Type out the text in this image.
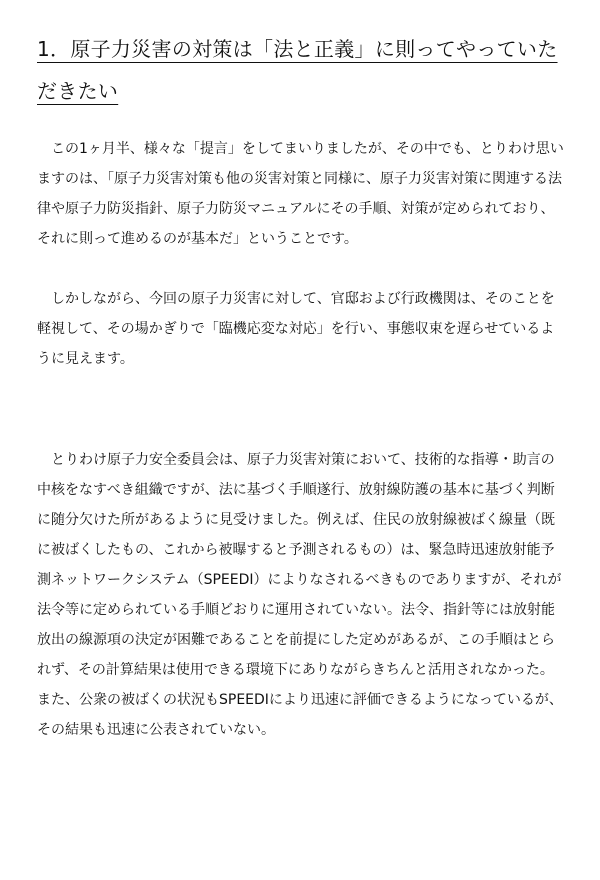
1．原子力災害の対策は「法と正義」に則ってやっていただきたい

この1ヶ月半、様々な「提言」をしてまいりましたが、その中でも、とりわけ思いますのは、「原子力災害対策も他の災害対策と同様に、原子力災害対策に関連する法律や原子力防災指針、原子力防災マニュアルにその手順、対策が定められており、それに則って進めるのが基本だ」ということです。

しかしながら、今回の原子力災害に対して、官邸および行政機関は、そのことを軽視して、その場かぎりで「臨機応変な対応」を行い、事態収束を遅らせているように見えます。

とりわけ原子力安全委員会は、原子力災害対策において、技術的な指導・助言の中核をなすべき組織ですが、法に基づく手順遂行、放射線防護の基本に基づく判断に随分欠けた所があるように見受けました。例えば、住民の放射線被ばく線量（既に被ばくしたもの、これから被曝すると予測されるもの）は、緊急時迅速放射能予測ネットワークシステム（SPEEDI）によりなされるべきものでありますが、それが法令等に定められている手順どおりに運用されていない。法令、指針等には放射能放出の線源項の決定が困難であることを前提にした定めがあるが、この手順はとられず、その計算結果は使用できる環境下にありながらきちんと活用されなかった。また、公衆の被ばくの状況もSPEEDIにより迅速に評価できるようになっているが、その結果も迅速に公表されていない。
